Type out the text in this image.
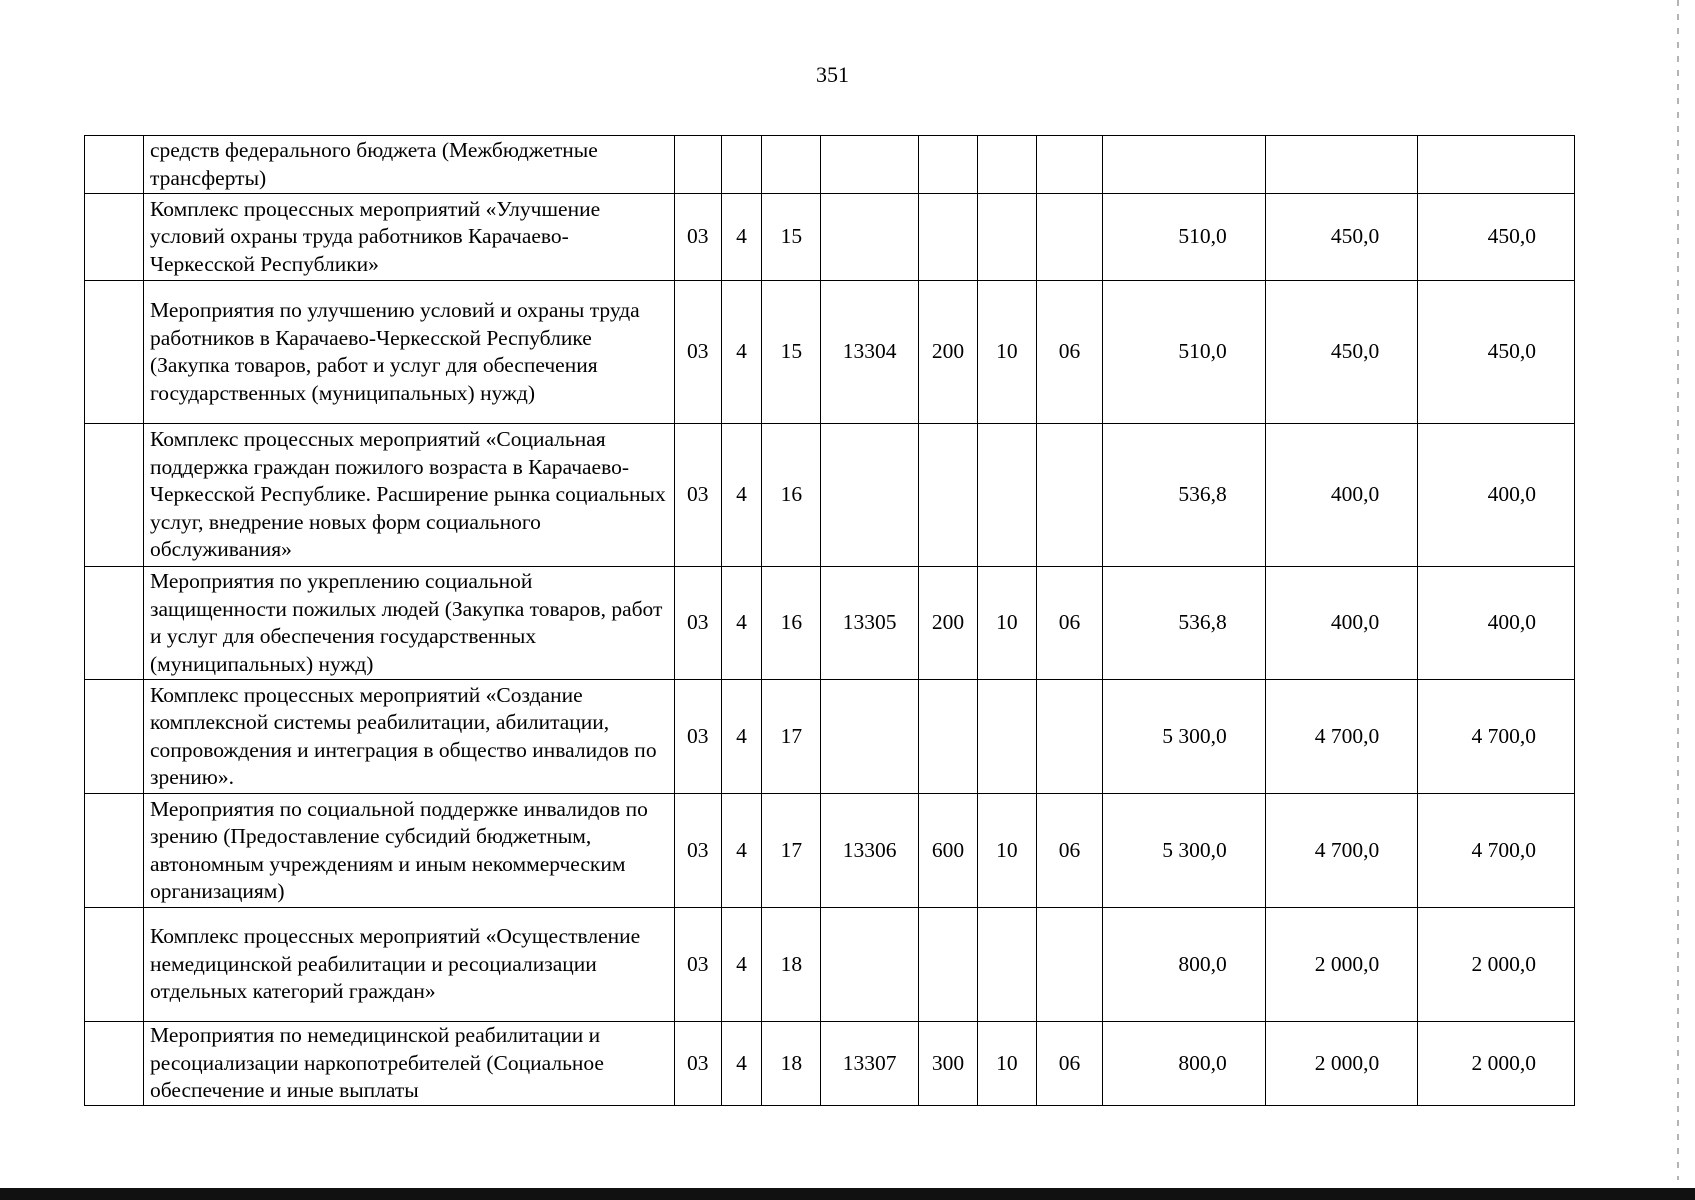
351
	средств федерального бюджета (Межбюджетные трансферты)										
	Комплекс процессных мероприятий «Улучшение условий охраны труда работников Карачаево-Черкесской Республики»	03	4	15					510,0	450,0	450,0
	Мероприятия по улучшению условий и охраны труда работников в Карачаево-Черкесской Республике (Закупка товаров, работ и услуг для обеспечения государственных (муниципальных) нужд)	03	4	15	13304	200	10	06	510,0	450,0	450,0
	Комплекс процессных мероприятий «Социальная поддержка граждан пожилого возраста в Карачаево-Черкесской Республике. Расширение рынка социальных услуг, внедрение новых форм социального обслуживания»	03	4	16					536,8	400,0	400,0
	Мероприятия по укреплению социальной защищенности пожилых людей (Закупка товаров, работ и услуг для обеспечения государственных (муниципальных) нужд)	03	4	16	13305	200	10	06	536,8	400,0	400,0
	Комплекс процессных мероприятий «Создание комплексной системы реабилитации, абилитации, сопровождения и интеграция в общество инвалидов по зрению».	03	4	17					5 300,0	4 700,0	4 700,0
	Мероприятия по социальной поддержке инвалидов по зрению (Предоставление субсидий бюджетным, автономным учреждениям и иным некоммерческим организациям)	03	4	17	13306	600	10	06	5 300,0	4 700,0	4 700,0
	Комплекс процессных мероприятий «Осуществление немедицинской реабилитации и ресоциализации отдельных категорий граждан»	03	4	18					800,0	2 000,0	2 000,0
	Мероприятия по немедицинской реабилитации и ресоциализации наркопотребителей (Социальное обеспечение и иные выплаты	03	4	18	13307	300	10	06	800,0	2 000,0	2 000,0
